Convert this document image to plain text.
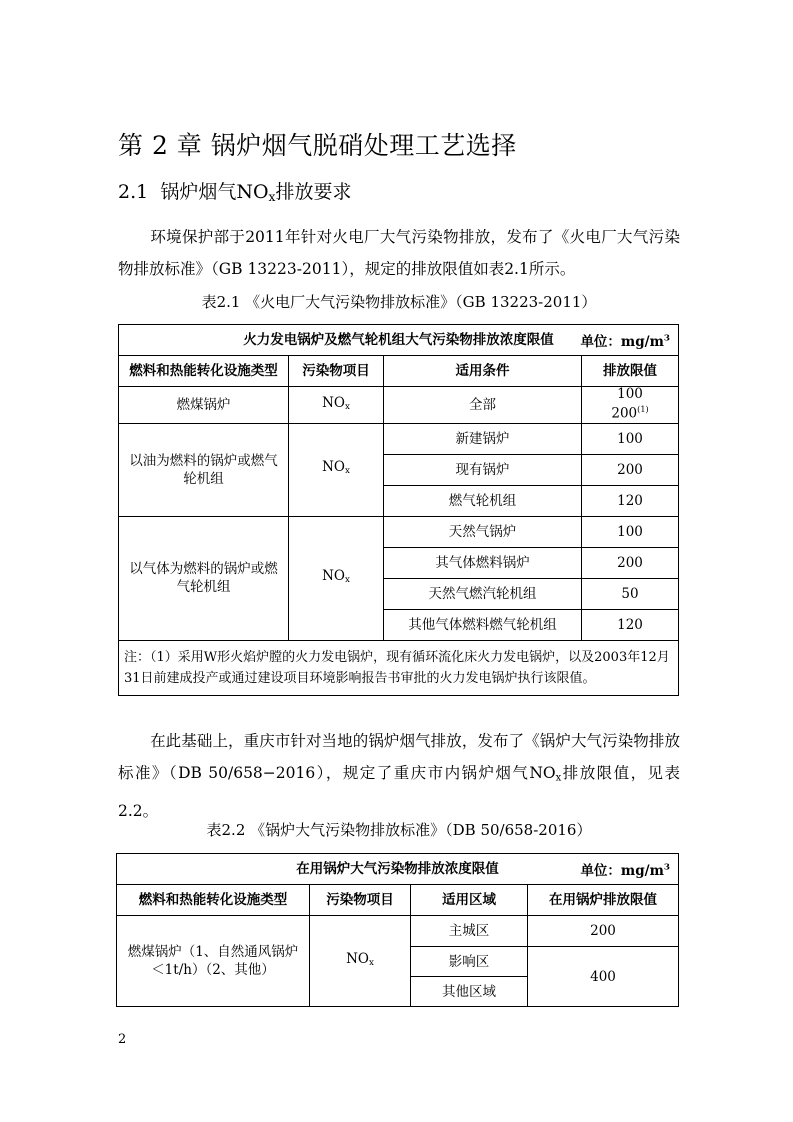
第 2 章 锅炉烟气脱硝处理工艺选择
2.1 锅炉烟气$NO_x$排放要求
环境保护部于2011年针对火电厂大气污染物排放，发布了《火电厂大气污染物排放标准》（GB 13223-2011），规定的排放限值如表2.1所示。
表2.1 《火电厂大气污染物排放标准》（GB 13223-2011）
火力发电锅炉及燃气轮机组大气污染物排放浓度限值 单位：$mg/m^3$

燃料和热能转化设施类型	污染物项目	适用条件	排放限值
燃煤锅炉	$NO_x$	全部	100
200$^{(1)}$
以油为燃料的锅炉或燃气轮机组	$NO_x$	新建锅炉	100
		现有锅炉	200
		燃气轮机组	120
以气体为燃料的锅炉或燃气轮机组	$NO_x$	天然气锅炉	100
		其气体燃料锅炉	200
		天然气燃汽轮机组	50
		其他气体燃料燃气轮机组	120
注：（1）采用W形火焰炉膛的火力发电锅炉，现有循环流化床火力发电锅炉，以及2003年12月31日前建成投产或通过建设项目环境影响报告书审批的火力发电锅炉执行该限值。			
在此基础上，重庆市针对当地的锅炉烟气排放，发布了《锅炉大气污染物排放标准》（DB 50/658−2016），规定了重庆市内锅炉烟气$NO_x$排放限值，见表2.2。
表2.2 《锅炉大气污染物排放标准》（DB 50/658-2016）
在用锅炉大气污染物排放浓度限值 单位：$mg/m^3$

燃料和热能转化设施类型	污染物项目	适用区域	在用锅炉排放限值
燃煤锅炉（1、自然通风锅炉＜1t/h）（2、其他）	$NO_x$	主城区	200
		影响区	400
		其他区域	
2
